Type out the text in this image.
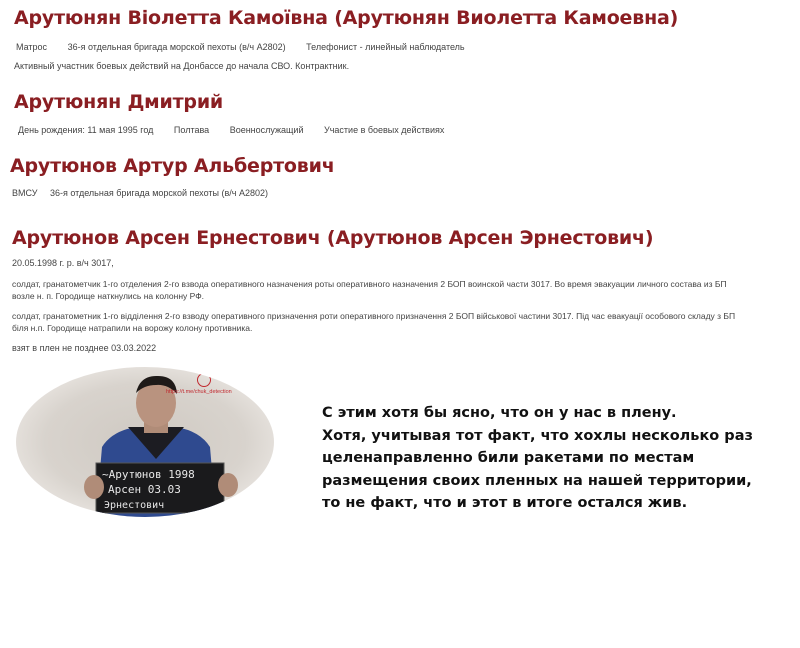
Арутюнян Віолетта Камоївна (Арутюнян Виолетта Камоевна)
Матрос 36-я отдельная бригада морской пехоты (в/ч А2802) Телефонист - линейный наблюдатель
Активный участник боевых действий на Донбассе до начала СВО. Контрактник.
Арутюнян Дмитрий
День рождения: 11 мая 1995 год Полтава Военнослужащий Участие в боевых действиях
Арутюнов Артур Альбертович
ВМСУ 36-я отдельная бригада морской пехоты (в/ч А2802)
Арутюнов Арсен Ернестович (Арутюнов Арсен Эрнестович)
20.05.1998 г. р. в/ч 3017,
солдат, гранатометчик 1-го отделения 2-го взвода оперативного назначения роты оперативного назначения 2 БОП воинской части 3017. Во время эвакуации личного состава из БП возле н. п. Городище наткнулись на колонну РФ.
солдат, гранатометник 1-го відділення 2-го взводу оперативного призначення роти оперативного призначення 2 БОП військової частини 3017. Під час евакуації особового складу з БП біля н.п. Городище натрапили на ворожу колону противника.
взят в плен не позднее 03.03.2022
~Арутюнов 1998
Арсен 03.03
Эрнестович
https://t.me/chuk_detection
С этим хотя бы ясно, что он у нас в плену.
Хотя, учитывая тот факт, что хохлы несколько раз целенаправленно били ракетами по местам размещения своих пленных на нашей территории, то не факт, что и этот в итоге остался жив.
